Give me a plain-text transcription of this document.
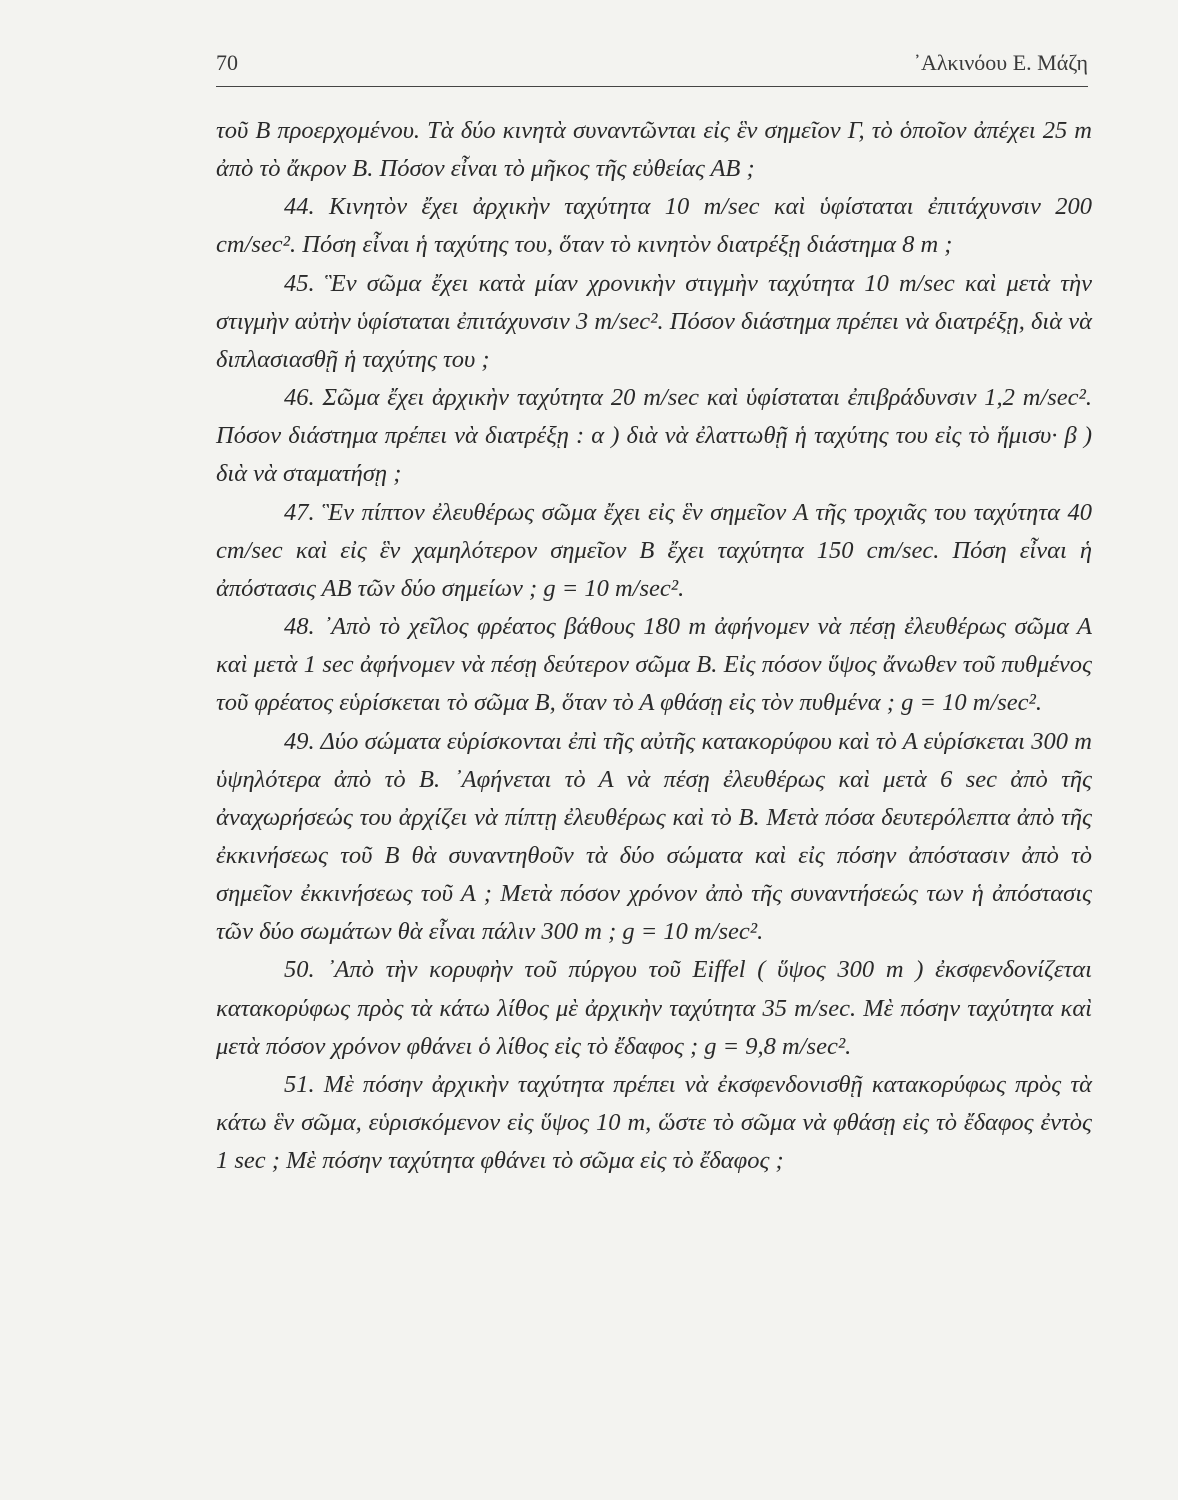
70	᾽Αλκινόου Ε. Μάζη

τοῦ Β προερχομένου. Τὰ δύο κινητὰ συναντῶνται εἰς ἓν σημεῖον Γ, τὸ ὁποῖον ἀπέχει 25 m ἀπὸ τὸ ἄκρον Β. Πόσον εἶναι τὸ μῆκος τῆς εὐθείας ΑΒ ;

44. Κινητὸν ἔχει ἀρχικὴν ταχύτητα 10 m/sec καὶ ὑφίσταται ἐπιτάχυνσιν 200 cm/sec². Πόση εἶναι ἡ ταχύτης του, ὅταν τὸ κινητὸν διατρέξῃ διάστημα 8 m ;

45. Ἓν σῶμα ἔχει κατὰ μίαν χρονικὴν στιγμὴν ταχύτητα 10 m/sec καὶ μετὰ τὴν στιγμὴν αὐτὴν ὑφίσταται ἐπιτάχυνσιν 3 m/sec². Πόσον διάστημα πρέπει νὰ διατρέξῃ, διὰ νὰ διπλασιασθῇ ἡ ταχύτης του ;

46. Σῶμα ἔχει ἀρχικὴν ταχύτητα 20 m/sec καὶ ὑφίσταται ἐπιβράδυνσιν 1,2 m/sec². Πόσον διάστημα πρέπει νὰ διατρέξῃ : α ) διὰ νὰ ἐλαττωθῇ ἡ ταχύτης του εἰς τὸ ἥμισυ· β ) διὰ νὰ σταματήσῃ ;

47. Ἓν πίπτον ἐλευθέρως σῶμα ἔχει εἰς ἓν σημεῖον Α τῆς τροχιᾶς του ταχύτητα 40 cm/sec καὶ εἰς ἓν χαμηλότερον σημεῖον Β ἔχει ταχύτητα 150 cm/sec. Πόση εἶναι ἡ ἀπόστασις ΑΒ τῶν δύο σημείων ; g = 10 m/sec².

48. ᾽Απὸ τὸ χεῖλος φρέατος βάθους 180 m ἀφήνομεν νὰ πέσῃ ἐλευθέρως σῶμα Α καὶ μετὰ 1 sec ἀφήνομεν νὰ πέσῃ δεύτερον σῶμα Β. Εἰς πόσον ὕψος ἄνωθεν τοῦ πυθμένος τοῦ φρέατος εὑρίσκεται τὸ σῶμα Β, ὅταν τὸ Α φθάσῃ εἰς τὸν πυθμένα ; g = 10 m/sec².

49. Δύο σώματα εὑρίσκονται ἐπὶ τῆς αὐτῆς κατακορύφου καὶ τὸ Α εὑρίσκεται 300 m ὑψηλότερα ἀπὸ τὸ Β. ᾽Αφήνεται τὸ Α νὰ πέσῃ ἐλευθέρως καὶ μετὰ 6 sec ἀπὸ τῆς ἀναχωρήσεώς του ἀρχίζει νὰ πίπτῃ ἐλευθέρως καὶ τὸ Β. Μετὰ πόσα δευτερόλεπτα ἀπὸ τῆς ἐκκινήσεως τοῦ Β θὰ συναντηθοῦν τὰ δύο σώματα καὶ εἰς πόσην ἀπόστασιν ἀπὸ τὸ σημεῖον ἐκκινήσεως τοῦ Α ; Μετὰ πόσον χρόνον ἀπὸ τῆς συναντήσεώς των ἡ ἀπόστασις τῶν δύο σωμάτων θὰ εἶναι πάλιν 300 m ; g = 10 m/sec².

50. ᾽Απὸ τὴν κορυφὴν τοῦ πύργου τοῦ Eiffel ( ὕψος 300 m ) ἐκσφενδονίζεται κατακορύφως πρὸς τὰ κάτω λίθος μὲ ἀρχικὴν ταχύτητα 35 m/sec. Μὲ πόσην ταχύτητα καὶ μετὰ πόσον χρόνον φθάνει ὁ λίθος εἰς τὸ ἔδαφος ; g = 9,8 m/sec².

51. Μὲ πόσην ἀρχικὴν ταχύτητα πρέπει νὰ ἐκσφενδονισθῇ κατακορύφως πρὸς τὰ κάτω ἓν σῶμα, εὑρισκόμενον εἰς ὕψος 10 m, ὥστε τὸ σῶμα νὰ φθάσῃ εἰς τὸ ἔδαφος ἐντὸς 1 sec ; Μὲ πόσην ταχύτητα φθάνει τὸ σῶμα εἰς τὸ ἔδαφος ;
